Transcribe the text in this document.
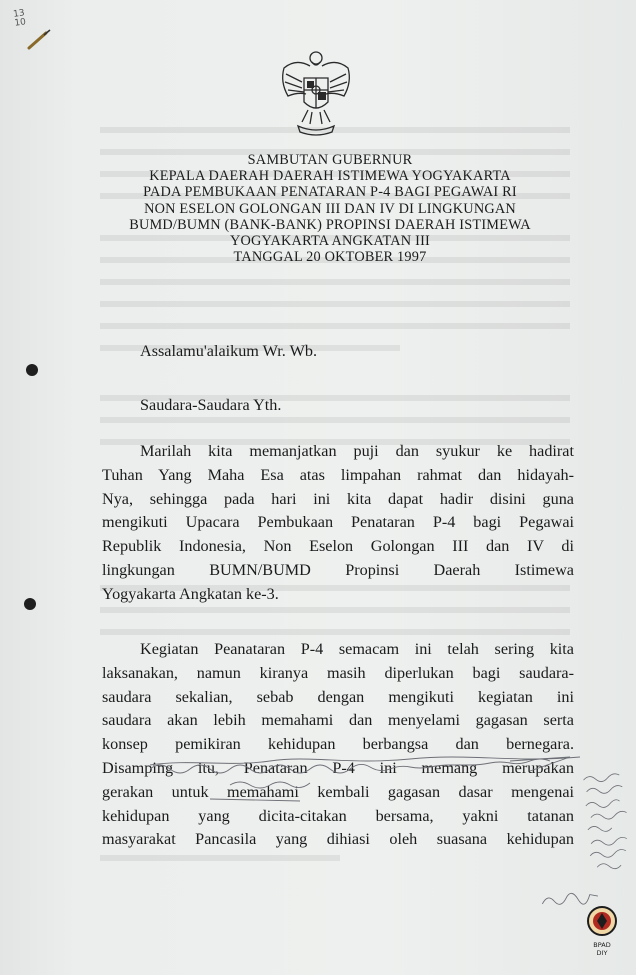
13
10
SAMBUTAN GUBERNUR
KEPALA DAERAH DAERAH ISTIMEWA YOGYAKARTA
PADA PEMBUKAAN PENATARAN P-4 BAGI PEGAWAI RI
NON ESELON GOLONGAN III DAN IV DI LINGKUNGAN
BUMD/BUMN (BANK-BANK) PROPINSI DAERAH ISTIMEWA
YOGYAKARTA ANGKATAN III
TANGGAL 20 OKTOBER 1997
Assalamu'alaikum Wr. Wb.
Saudara-Saudara Yth.
Marilah kita memanjatkan puji dan syukur ke hadirat
Tuhan Yang Maha Esa atas limpahan rahmat dan hidayah-
Nya, sehingga pada hari ini kita dapat hadir disini guna
mengikuti Upacara Pembukaan Penataran P-4 bagi Pegawai
Republik Indonesia, Non Eselon Golongan III dan IV di
lingkungan BUMN/BUMD Propinsi Daerah Istimewa
Yogyakarta Angkatan ke-3.
Kegiatan Peanataran P-4 semacam ini telah sering kita
laksanakan, namun kiranya masih diperlukan bagi saudara-
saudara sekalian, sebab dengan mengikuti kegiatan ini
saudara akan lebih memahami dan menyelami gagasan serta
konsep pemikiran kehidupan berbangsa dan bernegara.
Disamping itu, Penataran P-4 ini memang merupakan
gerakan untuk memahami kembali gagasan dasar mengenai
kehidupan yang dicita-citakan bersama, yakni tatanan
masyarakat Pancasila yang dihiasi oleh suasana kehidupan
BPAD
DIY
